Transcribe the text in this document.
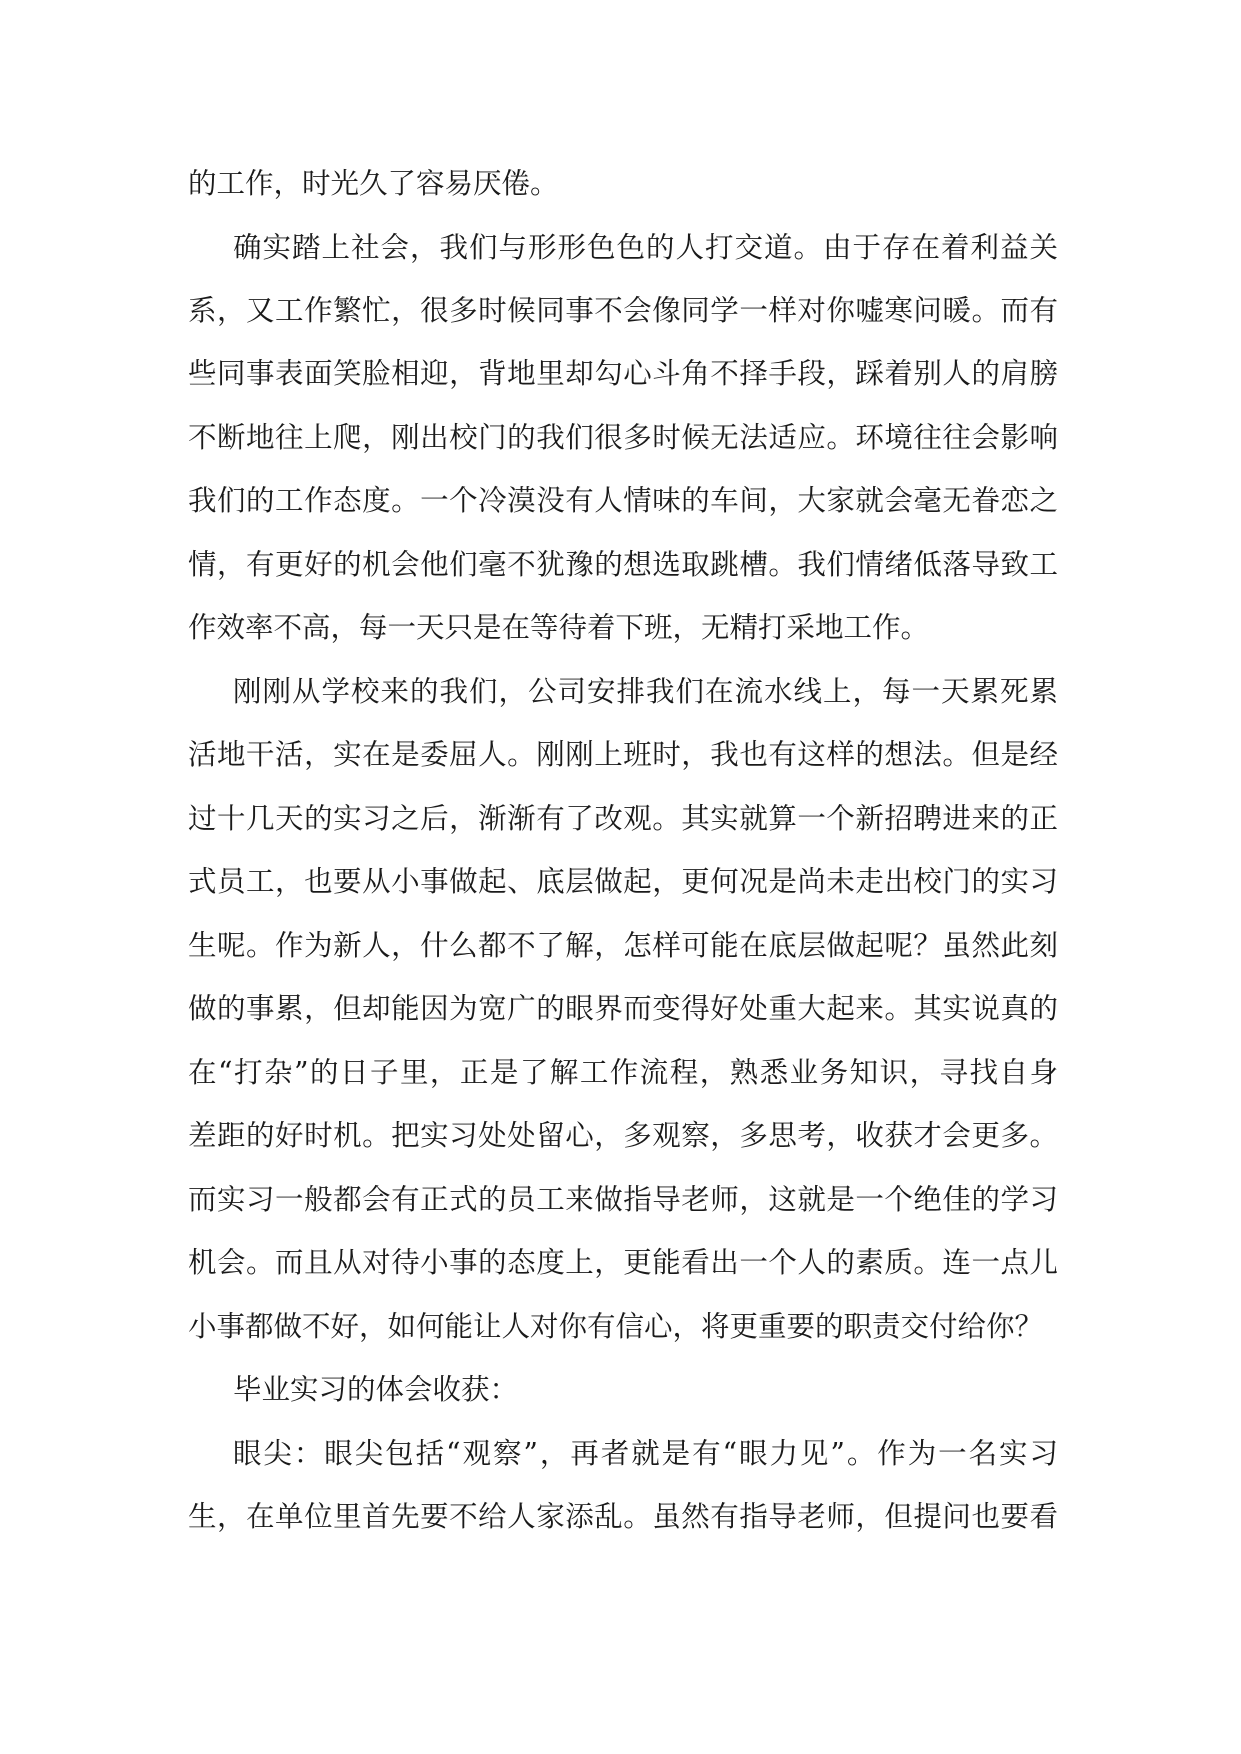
的工作，时光久了容易厌倦。
确实踏上社会，我们与形形色色的人打交道。由于存在着利益关
系，又工作繁忙，很多时候同事不会像同学一样对你嘘寒问暖。而有
些同事表面笑脸相迎，背地里却勾心斗角不择手段，踩着别人的肩膀
不断地往上爬，刚出校门的我们很多时候无法适应。环境往往会影响
我们的工作态度。一个冷漠没有人情味的车间，大家就会毫无眷恋之
情，有更好的机会他们毫不犹豫的想选取跳槽。我们情绪低落导致工
作效率不高，每一天只是在等待着下班，无精打采地工作。
刚刚从学校来的我们，公司安排我们在流水线上，每一天累死累
活地干活，实在是委屈人。刚刚上班时，我也有这样的想法。但是经
过十几天的实习之后，渐渐有了改观。其实就算一个新招聘进来的正
式员工，也要从小事做起、底层做起，更何况是尚未走出校门的实习
生呢。作为新人，什么都不了解，怎样可能在底层做起呢？虽然此刻
做的事累，但却能因为宽广的眼界而变得好处重大起来。其实说真的
在“打杂”的日子里，正是了解工作流程，熟悉业务知识，寻找自身
差距的好时机。把实习处处留心，多观察，多思考，收获才会更多。
而实习一般都会有正式的员工来做指导老师，这就是一个绝佳的学习
机会。而且从对待小事的态度上，更能看出一个人的素质。连一点儿
小事都做不好，如何能让人对你有信心，将更重要的职责交付给你？
毕业实习的体会收获：
眼尖：眼尖包括“观察”，再者就是有“眼力见”。作为一名实习
生，在单位里首先要不给人家添乱。虽然有指导老师，但提问也要看
